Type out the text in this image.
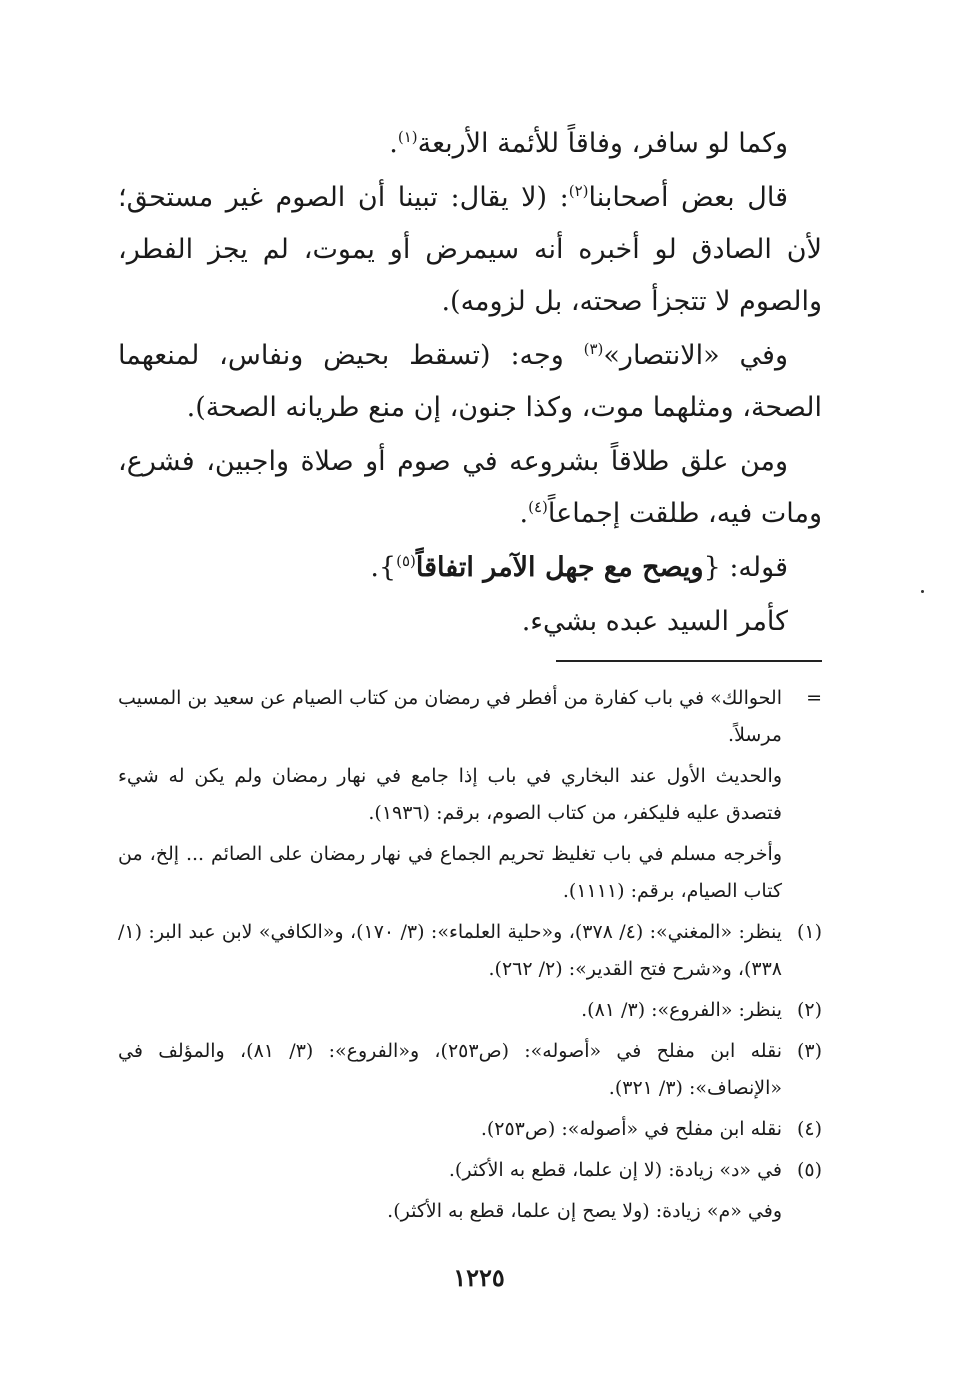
وكما لو سافر، وفاقاً للأئمة الأربعة$^{(١)}$.

قال بعض أصحابنا$^{(٢)}$: (لا يقال: تبينا أن الصوم غير مستحق؛ لأن الصادق لو أخبره أنه سيمرض أو يموت، لم يجز الفطر، والصوم لا تتجزأ صحته، بل لزومه).

وفي «الانتصار»$^{(٣)}$ وجه: (تسقط بحيض ونفاس، لمنعهما الصحة، ومثلهما موت، وكذا جنون، إن منع طريانه الصحة).

ومن علق طلاقاً بشروعه في صوم أو صلاة واجبين، فشرع، ومات فيه، طلقت إجماعاً$^{(٤)}$.

قوله: {ويصح مع جهل الآمر اتفاقاً$^{(٥)}$}.

كأمر السيد عبده بشيء.

=
الحوالك» في باب كفارة من أفطر في رمضان من كتاب الصيام عن سعيد بن المسيب مرسلاً.
والحديث الأول عند البخاري في باب إذا جامع في نهار رمضان ولم يكن له شيء فتصدق عليه فليكفر، من كتاب الصوم، برقم: (١٩٣٦).
وأخرجه مسلم في باب تغليظ تحريم الجماع في نهار رمضان على الصائم ... إلخ، من كتاب الصيام، برقم: (١١١١).
(١)
ينظر: «المغني»: (٤/ ٣٧٨)، و«حلية العلماء»: (٣/ ١٧٠)، و«الكافي» لابن عبد البر: (١/ ٣٣٨)، و«شرح فتح القدير»: (٢/ ٢٦٢).
(٢)
ينظر: «الفروع»: (٣/ ٨١).
(٣)
نقله ابن مفلح في «أصوله»: (ص٢٥٣)، و«الفروع»: (٣/ ٨١)، والمؤلف في «الإنصاف»: (٣/ ٣٢١).
(٤)
نقله ابن مفلح في «أصوله»: (ص٢٥٣).
(٥)
في «د» زيادة: (لا إن علما، قطع به الأكثر).
وفي «م» زيادة: (ولا يصح إن علما، قطع به الأكثر).
١٢٢٥
